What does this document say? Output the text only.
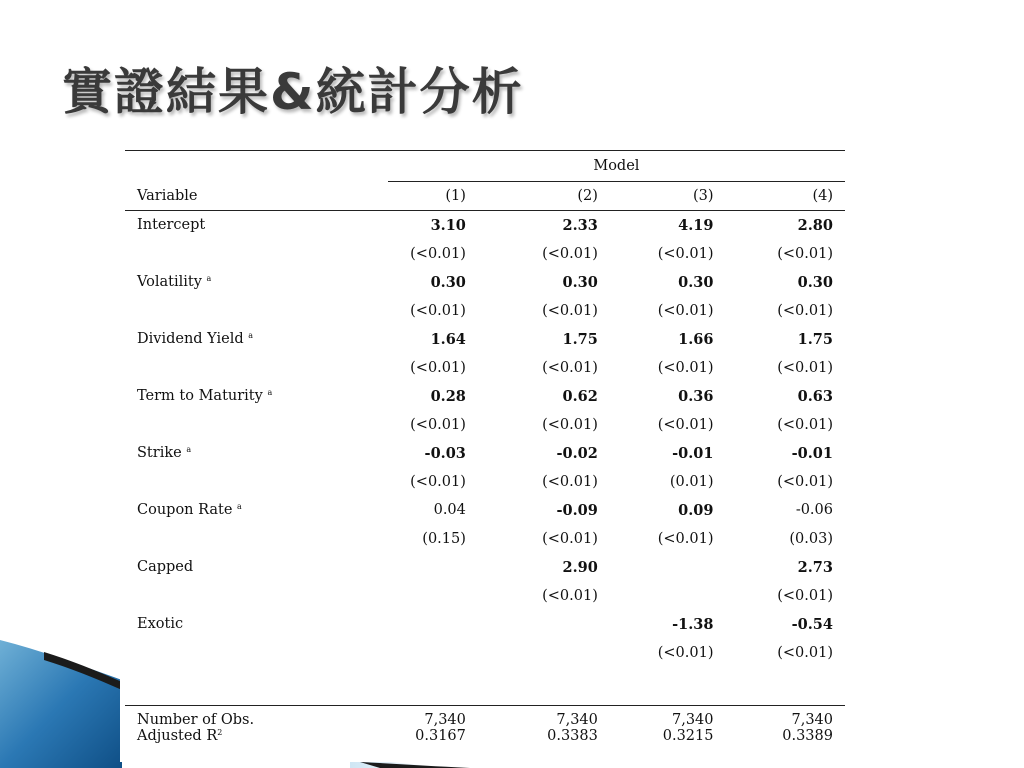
實證結果&統計分析
	Model			
Variable	(1)	(2)	(3)	(4)
Intercept	3.10	2.33	4.19	2.80
	(<0.01)	(<0.01)	(<0.01)	(<0.01)
Volatility $^a$	0.30	0.30	0.30	0.30
	(<0.01)	(<0.01)	(<0.01)	(<0.01)
Dividend Yield $^a$	1.64	1.75	1.66	1.75
	(<0.01)	(<0.01)	(<0.01)	(<0.01)
Term to Maturity $^a$	0.28	0.62	0.36	0.63
	(<0.01)	(<0.01)	(<0.01)	(<0.01)
Strike $^a$	-0.03	-0.02	-0.01	-0.01
	(<0.01)	(<0.01)	(0.01)	(<0.01)
Coupon Rate $^a$	0.04	-0.09	0.09	-0.06
	(0.15)	(<0.01)	(<0.01)	(0.03)
Capped		2.90		2.73
		(<0.01)		(<0.01)
Exotic			-1.38	-0.54
			(<0.01)	(<0.01)

Number of Obs.	7,340	7,340	7,340	7,340
Adjusted $R^2$	0.3167	0.3383	0.3215	0.3389
